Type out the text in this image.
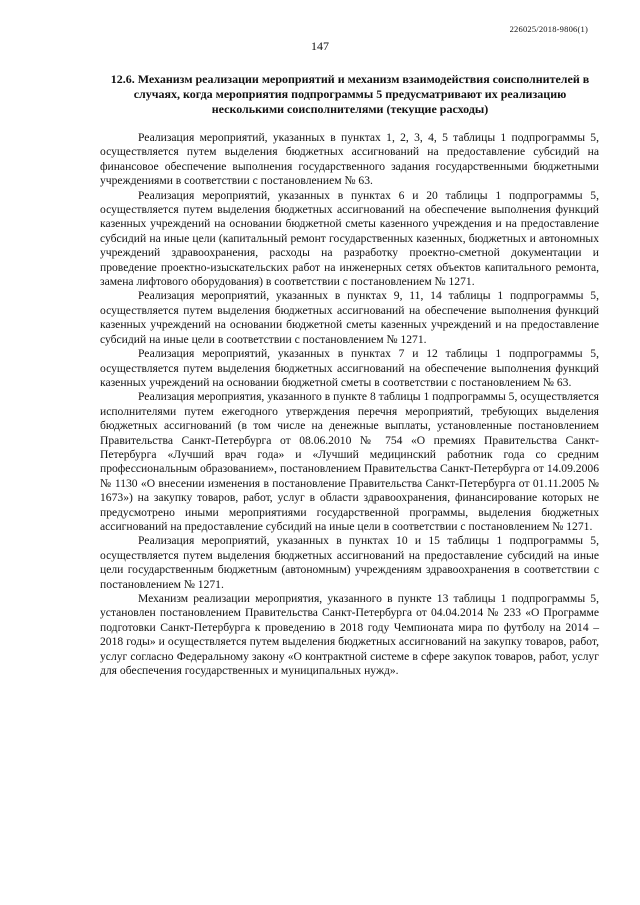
226025/2018-9806(1)
147
12.6. Механизм реализации мероприятий и механизм взаимодействия соисполнителей в случаях, когда мероприятия подпрограммы 5 предусматривают их реализацию несколькими соисполнителями (текущие расходы)

Реализация мероприятий, указанных в пунктах 1, 2, 3, 4, 5 таблицы 1 подпрограммы 5, осуществляется путем выделения бюджетных ассигнований на предоставление субсидий на финансовое обеспечение выполнения государственного задания государственными бюджетными учреждениями в соответствии с постановлением № 63.

Реализация мероприятий, указанных в пунктах 6 и 20 таблицы 1 подпрограммы 5, осуществляется путем выделения бюджетных ассигнований на обеспечение выполнения функций казенных учреждений на основании бюджетной сметы казенного учреждения и на предоставление субсидий на иные цели (капитальный ремонт государственных казенных, бюджетных и автономных учреждений здравоохранения, расходы на разработку проектно-сметной документации и проведение проектно-изыскательских работ на инженерных сетях объектов капитального ремонта, замена лифтового оборудования) в соответствии с постановлением № 1271.

Реализация мероприятий, указанных в пунктах 9, 11, 14 таблицы 1 подпрограммы 5, осуществляется путем выделения бюджетных ассигнований на обеспечение выполнения функций казенных учреждений на основании бюджетной сметы казенных учреждений и на предоставление субсидий на иные цели в соответствии с постановлением № 1271.

Реализация мероприятий, указанных в пунктах 7 и 12 таблицы 1 подпрограммы 5, осуществляется путем выделения бюджетных ассигнований на обеспечение выполнения функций казенных учреждений на основании бюджетной сметы в соответствии с постановлением № 63.

Реализация мероприятия, указанного в пункте 8 таблицы 1 подпрограммы 5, осуществляется исполнителями путем ежегодного утверждения перечня мероприятий, требующих выделения бюджетных ассигнований (в том числе на денежные выплаты, установленные постановлением Правительства Санкт-Петербурга от 08.06.2010 № 754 «О премиях Правительства Санкт-Петербурга «Лучший врач года» и «Лучший медицинский работник года со средним профессиональным образованием», постановлением Правительства Санкт-Петербурга от 14.09.2006 № 1130 «О внесении изменения в постановление Правительства Санкт-Петербурга от 01.11.2005 № 1673») на закупку товаров, работ, услуг в области здравоохранения, финансирование которых не предусмотрено иными мероприятиями государственной программы, выделения бюджетных ассигнований на предоставление субсидий на иные цели в соответствии с постановлением № 1271.

Реализация мероприятий, указанных в пунктах 10 и 15 таблицы 1 подпрограммы 5, осуществляется путем выделения бюджетных ассигнований на предоставление субсидий на иные цели государственным бюджетным (автономным) учреждениям здравоохранения в соответствии с постановлением № 1271.

Механизм реализации мероприятия, указанного в пункте 13 таблицы 1 подпрограммы 5, установлен постановлением Правительства Санкт-Петербурга от 04.04.2014 № 233 «О Программе подготовки Санкт-Петербурга к проведению в 2018 году Чемпионата мира по футболу на 2014 – 2018 годы» и осуществляется путем выделения бюджетных ассигнований на закупку товаров, работ, услуг согласно Федеральному закону «О контрактной системе в сфере закупок товаров, работ, услуг для обеспечения государственных и муниципальных нужд».
